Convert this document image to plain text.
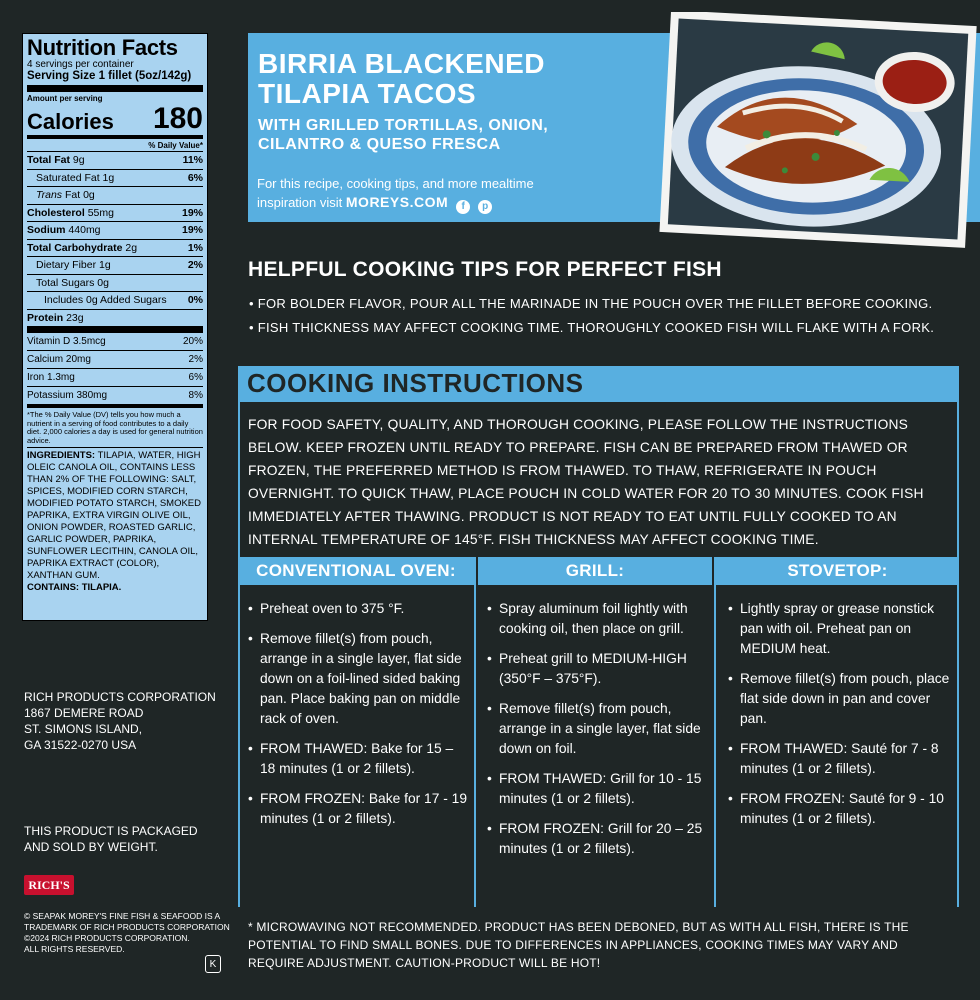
Nutrition Facts
4 servings per container
Serving Size 1 fillet (5oz/142g)
Amount per serving
Calories 180
% Daily Value*
Total Fat 9g	11%
Saturated Fat 1g	6%
Trans Fat 0g
Cholesterol 55mg	19%
Sodium 440mg	19%
Total Carbohydrate 2g	1%
Dietary Fiber 1g	2%
Total Sugars 0g
Includes 0g Added Sugars 0%
Protein 23g
Vitamin D 3.5mcg	20%
Calcium 20mg	2%
Iron 1.3mg	6%
Potassium 380mg	8%
*The % Daily Value (DV) tells you how much a nutrient in a serving of food contributes to a daily diet. 2,000 calories a day is used for general nutrition advice.
INGREDIENTS: TILAPIA, WATER, HIGH OLEIC CANOLA OIL, CONTAINS LESS THAN 2% OF THE FOLLOWING: SALT, SPICES, MODIFIED CORN STARCH, MODIFIED POTATO STARCH, SMOKED PAPRIKA, EXTRA VIRGIN OLIVE OIL, ONION POWDER, ROASTED GARLIC, GARLIC POWDER, PAPRIKA, SUNFLOWER LECITHIN, CANOLA OIL, PAPRIKA EXTRACT (COLOR), XANTHAN GUM.
CONTAINS: TILAPIA.
RICH PRODUCTS CORPORATION
1867 DEMERE ROAD
ST. SIMONS ISLAND,
GA 31522-0270 USA
THIS PRODUCT IS PACKAGED
AND SOLD BY WEIGHT.
RICH'S
© SEAPAK MOREY'S FINE FISH & SEAFOOD IS A
TRADEMARK OF RICH PRODUCTS CORPORATION
©2024 RICH PRODUCTS CORPORATION.
ALL RIGHTS RESERVED.
K
BIRRIA BLACKENED
TILAPIA TACOS
WITH GRILLED TORTILLAS, ONION,
CILANTRO & QUESO FRESCA
For this recipe, cooking tips, and more mealtime
inspiration visit MOREYS.COM f p
HELPFUL COOKING TIPS FOR PERFECT FISH
• FOR BOLDER FLAVOR, POUR ALL THE MARINADE IN THE POUCH OVER THE FILLET BEFORE COOKING.
• FISH THICKNESS MAY AFFECT COOKING TIME. THOROUGHLY COOKED FISH WILL FLAKE WITH A FORK.
COOKING INSTRUCTIONS
FOR FOOD SAFETY, QUALITY, AND THOROUGH COOKING, PLEASE FOLLOW THE INSTRUCTIONS BELOW. KEEP FROZEN UNTIL READY TO PREPARE. FISH CAN BE PREPARED FROM THAWED OR FROZEN, THE PREFERRED METHOD IS FROM THAWED. TO THAW, REFRIGERATE IN POUCH OVERNIGHT. TO QUICK THAW, PLACE POUCH IN COLD WATER FOR 20 TO 30 MINUTES. COOK FISH IMMEDIATELY AFTER THAWING. PRODUCT IS NOT READY TO EAT UNTIL FULLY COOKED TO AN INTERNAL TEMPERATURE OF 145°F. FISH THICKNESS MAY AFFECT COOKING TIME.
CONVENTIONAL OVEN:	GRILL:	STOVETOP:
• Preheat oven to 375 °F.
• Remove fillet(s) from pouch, arrange in a single layer, flat side down on a foil-lined sided baking pan. Place baking pan on middle rack of oven.
• FROM THAWED: Bake for 15 – 18 minutes (1 or 2 fillets).
• FROM FROZEN: Bake for 17 - 19 minutes (1 or 2 fillets).
• Spray aluminum foil lightly with cooking oil, then place on grill.
• Preheat grill to MEDIUM-HIGH (350°F – 375°F).
• Remove fillet(s) from pouch, arrange in a single layer, flat side down on foil.
• FROM THAWED: Grill for 10 - 15 minutes (1 or 2 fillets).
• FROM FROZEN: Grill for 20 – 25 minutes (1 or 2 fillets).
• Lightly spray or grease nonstick pan with oil. Preheat pan on MEDIUM heat.
• Remove fillet(s) from pouch, place flat side down in pan and cover pan.
• FROM THAWED: Sauté for 7 - 8 minutes (1 or 2 fillets).
• FROM FROZEN: Sauté for 9 - 10 minutes (1 or 2 fillets).
* MICROWAVING NOT RECOMMENDED. PRODUCT HAS BEEN DEBONED, BUT AS WITH ALL FISH, THERE IS THE POTENTIAL TO FIND SMALL BONES. DUE TO DIFFERENCES IN APPLIANCES, COOKING TIMES MAY VARY AND REQUIRE ADJUSTMENT. CAUTION-PRODUCT WILL BE HOT!
